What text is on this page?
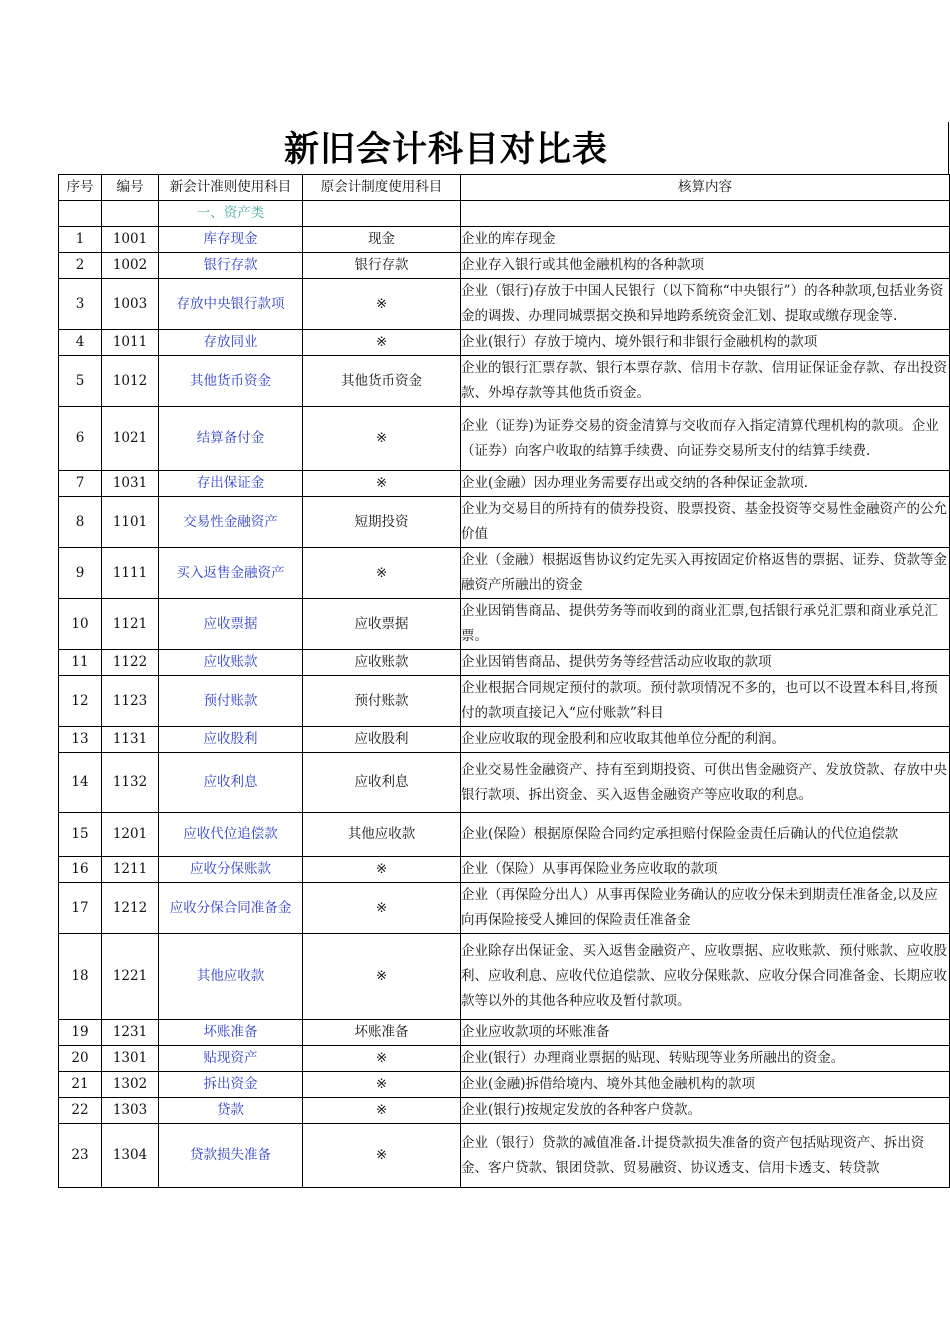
新旧会计科目对比表
序号	编号	新会计准则使用科目	原会计制度使用科目	核算内容
		一、资产类		
1	1001	库存现金	现金	企业的库存现金
2	1002	银行存款	银行存款	企业存入银行或其他金融机构的各种款项
3	1003	存放中央银行款项	※	企业（银行)存放于中国人民银行（以下简称“中央银行”）的各种款项,包括业务资金的调拨、办理同城票据交换和异地跨系统资金汇划、提取或缴存现金等.
4	1011	存放同业	※	企业(银行）存放于境内、境外银行和非银行金融机构的款项
5	1012	其他货币资金	其他货币资金	企业的银行汇票存款、银行本票存款、信用卡存款、信用证保证金存款、存出投资款、外埠存款等其他货币资金。
6	1021	结算备付金	※	企业（证券)为证券交易的资金清算与交收而存入指定清算代理机构的款项。企业（证券）向客户收取的结算手续费、向证券交易所支付的结算手续费.
7	1031	存出保证金	※	企业(金融）因办理业务需要存出或交纳的各种保证金款项.
8	1101	交易性金融资产	短期投资	企业为交易目的所持有的债券投资、股票投资、基金投资等交易性金融资产的公允价值
9	1111	买入返售金融资产	※	企业（金融）根据返售协议约定先买入再按固定价格返售的票据、证券、贷款等金融资产所融出的资金
10	1121	应收票据	应收票据	企业因销售商品、提供劳务等而收到的商业汇票,包括银行承兑汇票和商业承兑汇票。
11	1122	应收账款	应收账款	企业因销售商品、提供劳务等经营活动应收取的款项
12	1123	预付账款	预付账款	企业根据合同规定预付的款项。预付款项情况不多的，也可以不设置本科目,将预付的款项直接记入“应付账款”科目
13	1131	应收股利	应收股利	企业应收取的现金股利和应收取其他单位分配的利润。
14	1132	应收利息	应收利息	企业交易性金融资产、持有至到期投资、可供出售金融资产、发放贷款、存放中央银行款项、拆出资金、买入返售金融资产等应收取的利息。
15	1201	应收代位追偿款	其他应收款	企业(保险）根据原保险合同约定承担赔付保险金责任后确认的代位追偿款
16	1211	应收分保账款	※	企业（保险）从事再保险业务应收取的款项
17	1212	应收分保合同准备金	※	企业（再保险分出人）从事再保险业务确认的应收分保未到期责任准备金,以及应向再保险接受人摊回的保险责任准备金
18	1221	其他应收款	※	企业除存出保证金、买入返售金融资产、应收票据、应收账款、预付账款、应收股利、应收利息、应收代位追偿款、应收分保账款、应收分保合同准备金、长期应收款等以外的其他各种应收及暂付款项。
19	1231	坏账准备	坏账准备	企业应收款项的坏账准备
20	1301	贴现资产	※	企业(银行）办理商业票据的贴现、转贴现等业务所融出的资金。
21	1302	拆出资金	※	企业(金融)拆借给境内、境外其他金融机构的款项
22	1303	贷款	※	企业(银行)按规定发放的各种客户贷款。
23	1304	贷款损失准备	※	企业（银行）贷款的减值准备.计提贷款损失准备的资产包括贴现资产、拆出资金、客户贷款、银团贷款、贸易融资、协议透支、信用卡透支、转贷款
